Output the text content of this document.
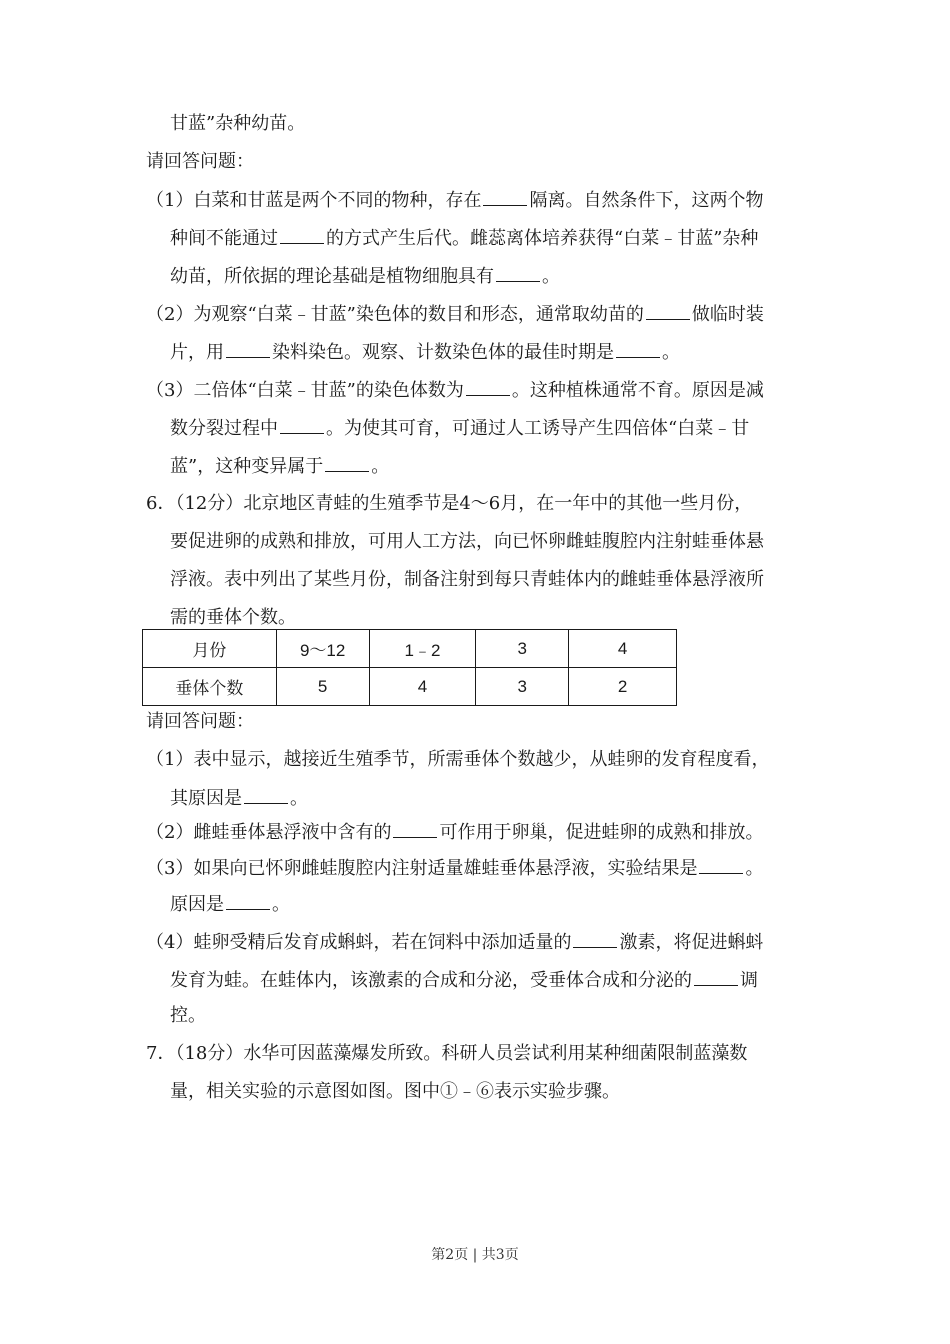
甘蓝”杂种幼苗。
请回答问题：
（1）白菜和甘蓝是两个不同的物种，存在	隔离。自然条件下，这两个物
种间不能通过	的方式产生后代。雌蕊离体培养获得“白菜﹣甘蓝”杂种
幼苗，所依据的理论基础是植物细胞具有	。
（2）为观察“白菜﹣甘蓝”染色体的数目和形态，通常取幼苗的	做临时装
片，用	染料染色。观察、计数染色体的最佳时期是	。
（3）二倍体“白菜﹣甘蓝”的染色体数为	。这种植株通常不育。原因是减
数分裂过程中	。为使其可育，可通过人工诱导产生四倍体“白菜﹣甘
蓝”，这种变异属于	。
6．（12分）北京地区青蛙的生殖季节是4～6月，在一年中的其他一些月份，
要促进卵的成熟和排放，可用人工方法，向已怀卵雌蛙腹腔内注射蛙垂体悬
浮液。表中列出了某些月份，制备注射到每只青蛙体内的雌蛙垂体悬浮液所
需的垂体个数。
月份	9～12	1﹣2	3	4
垂体个数	5	4	3	2
请回答问题：
（1）表中显示，越接近生殖季节，所需垂体个数越少，从蛙卵的发育程度看，
其原因是	。
（2）雌蛙垂体悬浮液中含有的	可作用于卵巢，促进蛙卵的成熟和排放。
（3）如果向已怀卵雌蛙腹腔内注射适量雄蛙垂体悬浮液，实验结果是	。
原因是	。
（4）蛙卵受精后发育成蝌蚪，若在饲料中添加适量的	激素，将促进蝌蚪
发育为蛙。在蛙体内，该激素的合成和分泌，受垂体合成和分泌的	调
控。
7．（18分）水华可因蓝藻爆发所致。科研人员尝试利用某种细菌限制蓝藻数
量，相关实验的示意图如图。图中①﹣⑥表示实验步骤。
第2页 | 共3页
